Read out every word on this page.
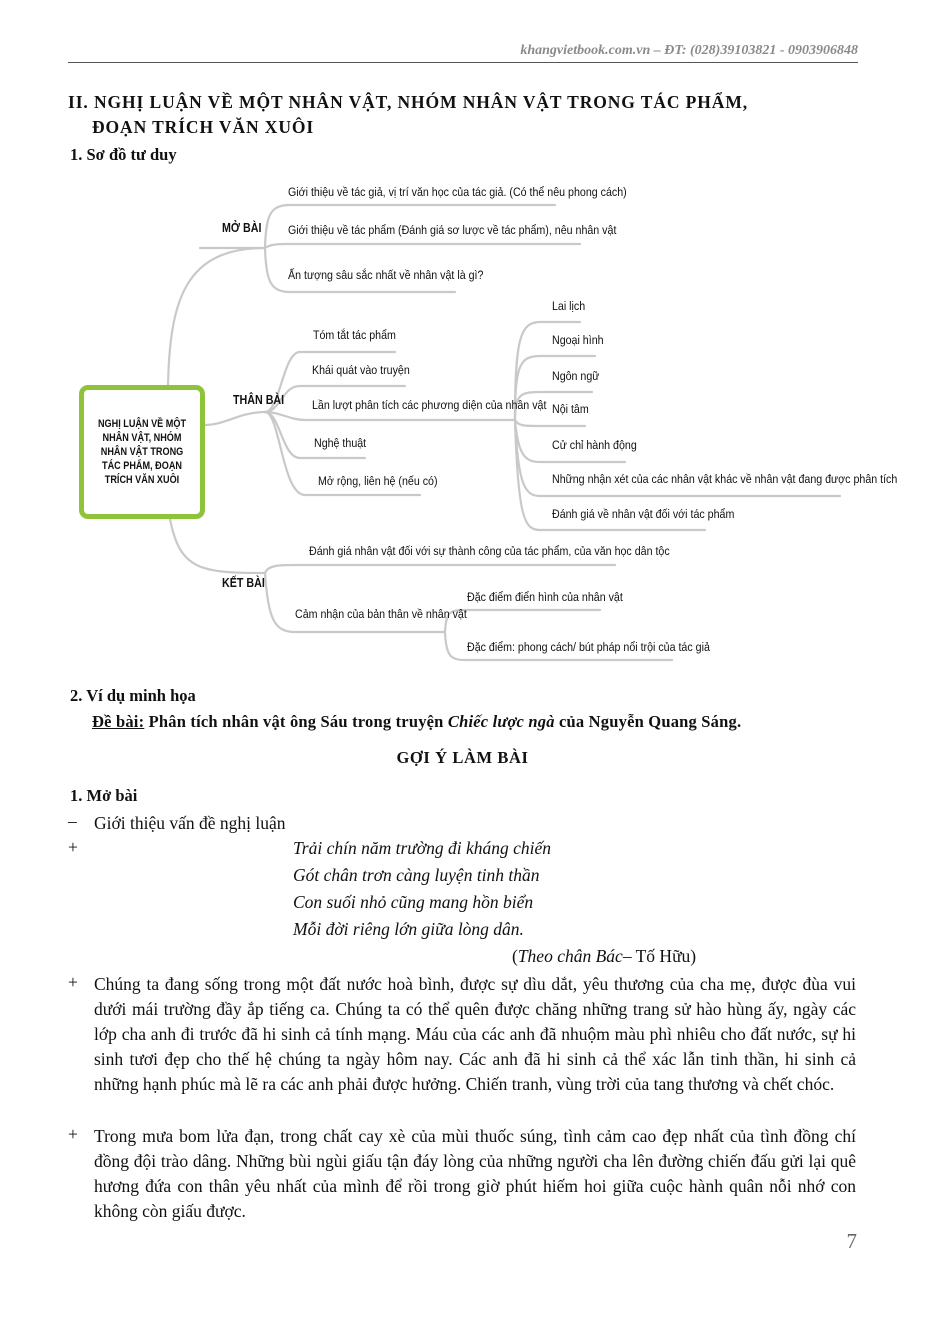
khangvietbook.com.vn – ĐT: (028)39103821 - 0903906848
II. NGHỊ LUẬN VỀ MỘT NHÂN VẬT, NHÓM NHÂN VẬT TRONG TÁC PHẨM,
ĐOẠN TRÍCH VĂN XUÔI
1. Sơ đồ tư duy
NGHỊ LUẬN VỀ MỘT NHÂN VẬT, NHÓM NHÂN VẬT TRONG TÁC PHẨM, ĐOẠN TRÍCH VĂN XUÔI
MỞ BÀI
Giới thiệu về tác giả, vị trí văn học của tác giả. (Có thể nêu phong cách)
Giới thiệu về tác phẩm (Đánh giá sơ lược về tác phẩm), nêu nhân vật
Ấn tượng sâu sắc nhất về nhân vật là gì?
THÂN BÀI
Tóm tắt tác phẩm
Khái quát vào truyện
Lần lượt phân tích các phương diện của nhân vật
Nghệ thuật
Mở rộng, liên hệ (nếu có)
Lai lịch
Ngoại hình
Ngôn ngữ
Nội tâm
Cử chỉ hành động
Những nhận xét của các nhân vật khác về nhân vật đang được phân tích
Đánh giá về nhân vật đối với tác phẩm
KẾT BÀI
Đánh giá nhân vật đối với sự thành công của tác phẩm, của văn học dân tộc
Cảm nhận của bản thân về nhân vật
Đặc điểm điển hình của nhân vật
Đặc điểm: phong cách/ bút pháp nổi trội của tác giả
2. Ví dụ minh họa
Đề bài: Phân tích nhân vật ông Sáu trong truyện Chiếc lược ngà của Nguyễn Quang Sáng.
GỢI Ý LÀM BÀI
1. Mở bài
– Giới thiệu vấn đề nghị luận
+	Trải chín năm trường đi kháng chiến
Gót chân trơn càng luyện tinh thần
Con suối nhỏ cũng mang hồn biển
Mỗi đời riêng lớn giữa lòng dân.
(Theo chân Bác– Tố Hữu)
+ Chúng ta đang sống trong một đất nước hoà bình, được sự dìu dắt, yêu thương của cha mẹ, được đùa vui dưới mái trường đầy ắp tiếng ca. Chúng ta có thể quên được chăng những trang sử hào hùng ấy, ngày các lớp cha anh đi trước đã hi sinh cả tính mạng. Máu của các anh đã nhuộm màu phì nhiêu cho đất nước, sự hi sinh tươi đẹp cho thế hệ chúng ta ngày hôm nay. Các anh đã hi sinh cả thể xác lẫn tinh thần, hi sinh cả những hạnh phúc mà lẽ ra các anh phải được hưởng. Chiến tranh, vùng trời của tang thương và chết chóc.
+ Trong mưa bom lửa đạn, trong chất cay xè của mùi thuốc súng, tình cảm cao đẹp nhất của tình đồng chí đồng đội trào dâng. Những bùi ngùi giấu tận đáy lòng của những người cha lên đường chiến đấu gửi lại quê hương đứa con thân yêu nhất của mình để rồi trong giờ phút hiếm hoi giữa cuộc hành quân nỗi nhớ con không còn giấu được.
7
